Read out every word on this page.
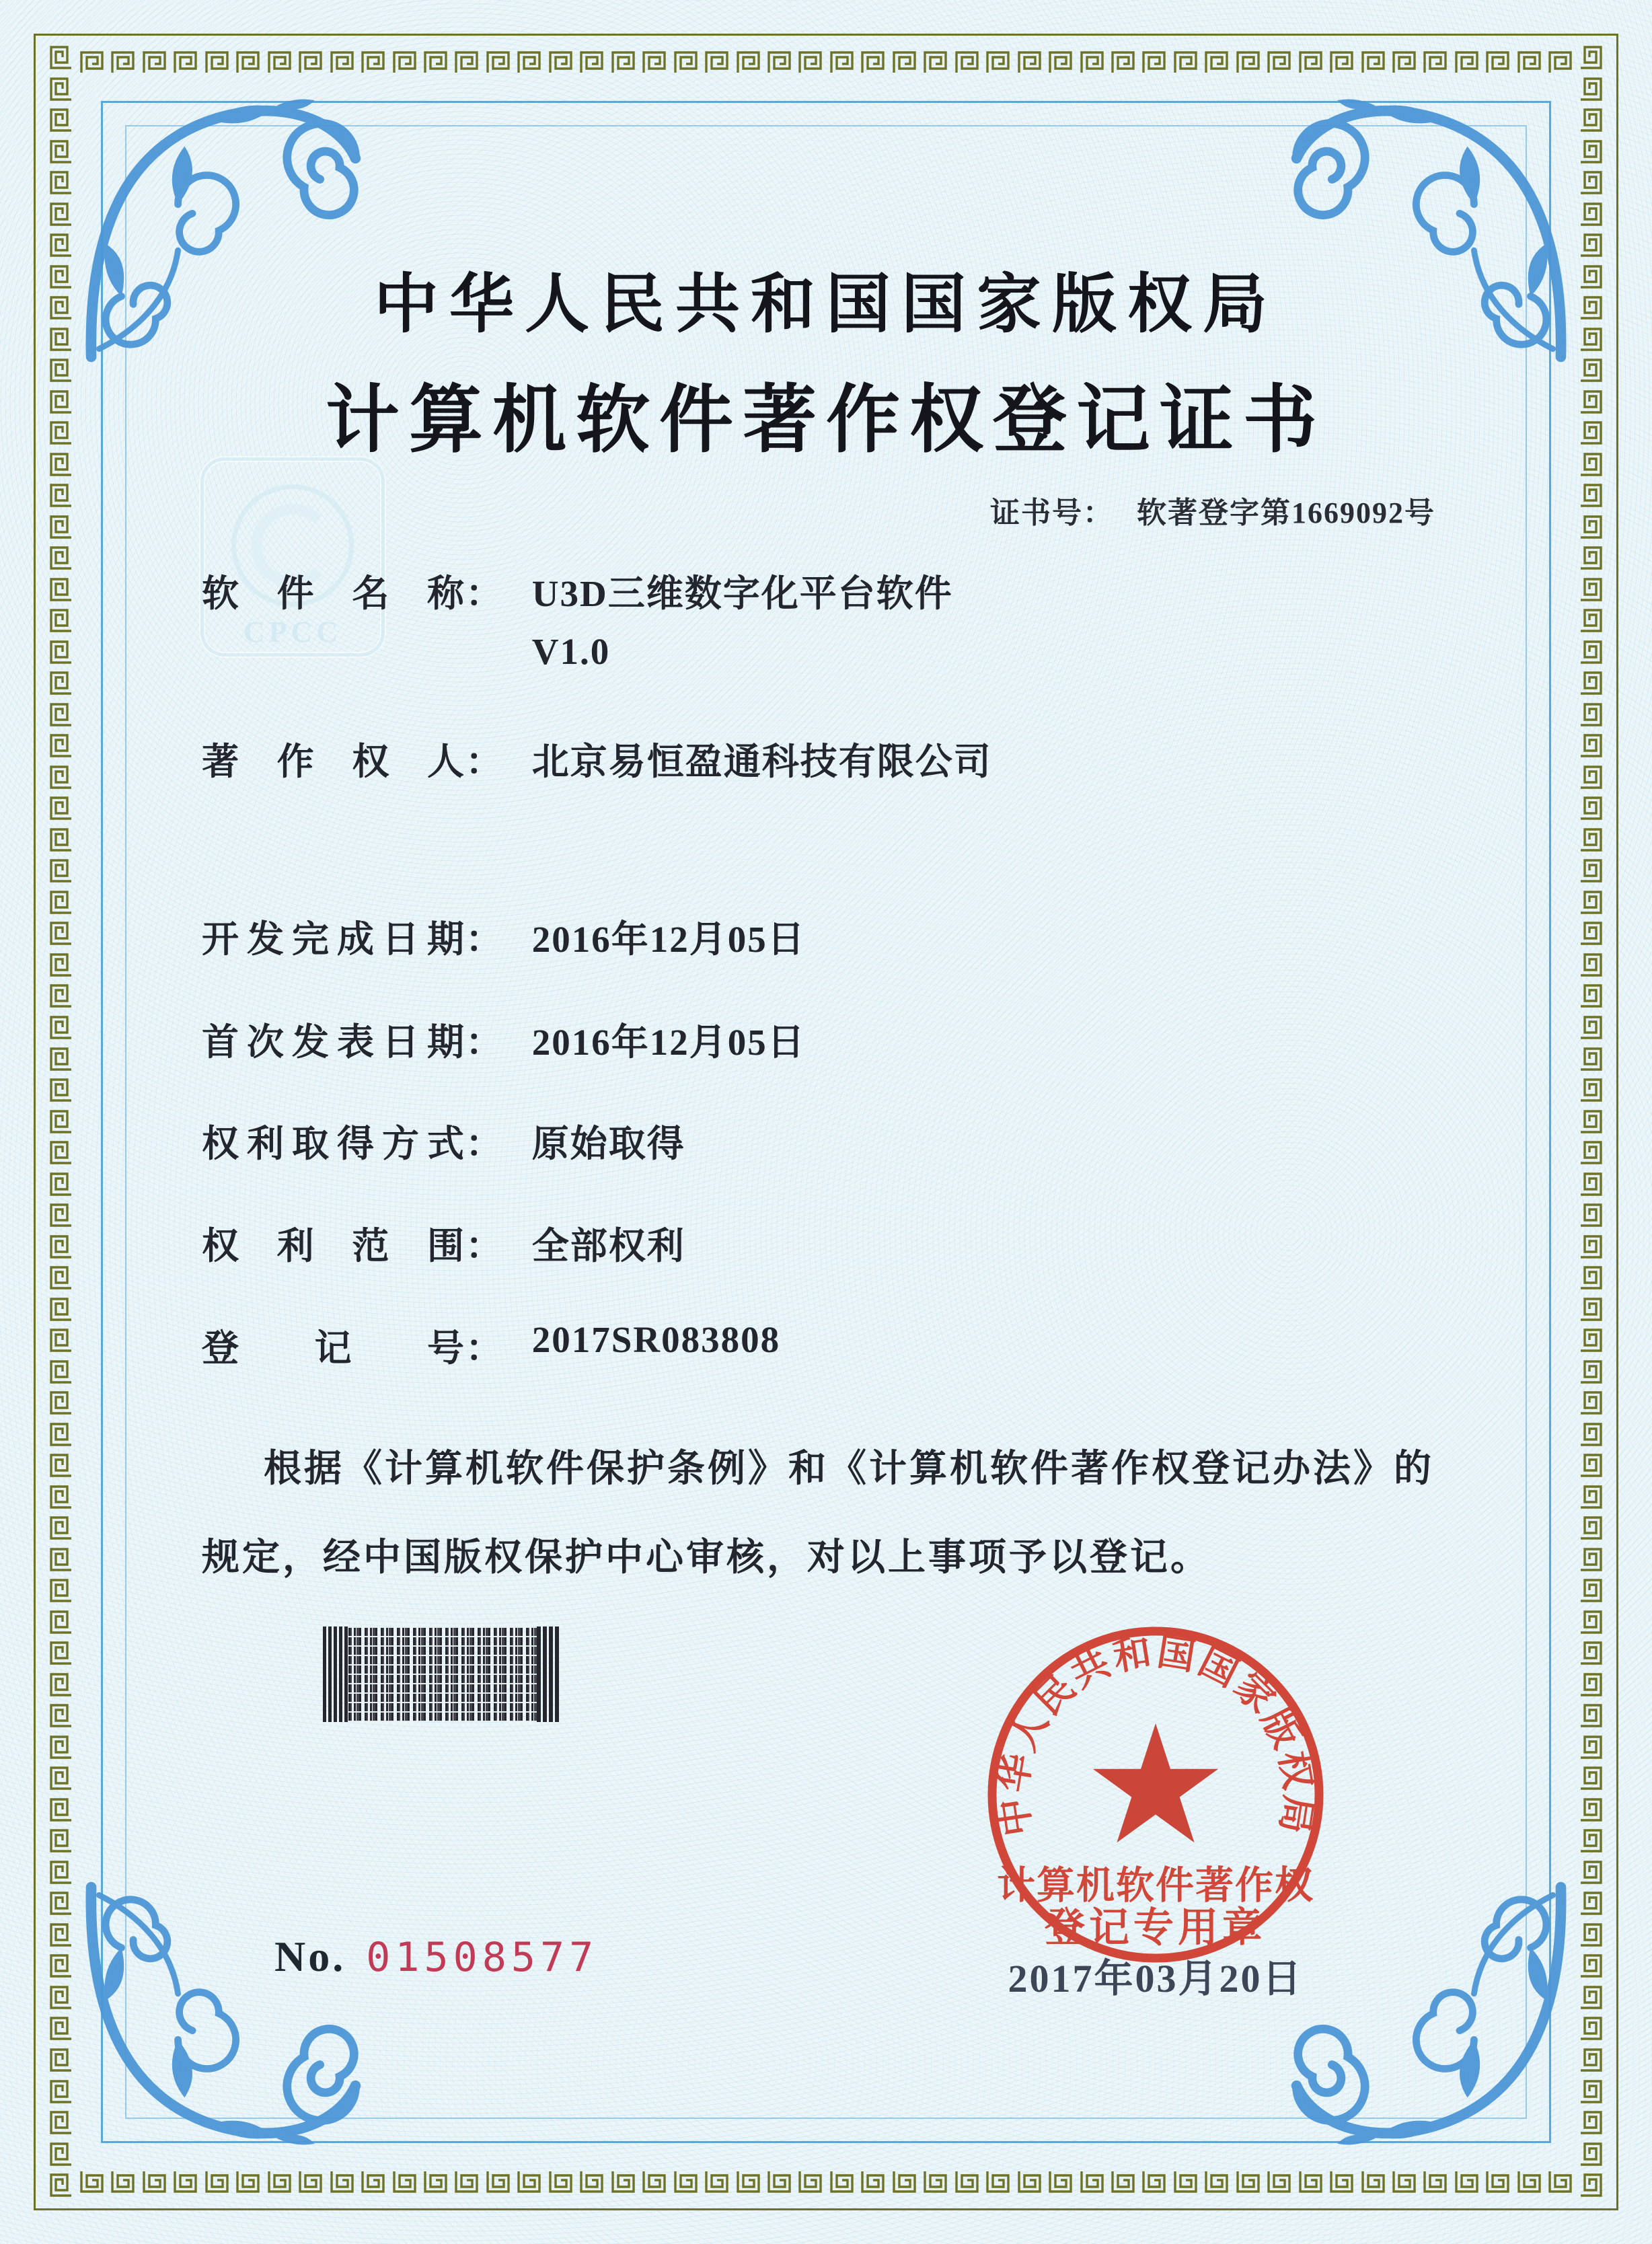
CPCC
中华人民共和国国家版权局
计算机软件著作权登记证书
证书号： 软著登字第1669092号
软件名称： U3D三维数字化平台软件
V1.0
著作权人： 北京易恒盈通科技有限公司
开发完成日期： 2016年12月05日
首次发表日期： 2016年12月05日
权利取得方式： 原始取得
权利范围： 全部权利
登记号： 2017SR083808
根据《计算机软件保护条例》和《计算机软件著作权登记办法》的
规定，经中国版权保护中心审核，对以上事项予以登记。
中华人民共和国国家版权局
计算机软件著作权
登记专用章
2017年03月20日
No. 01508577
